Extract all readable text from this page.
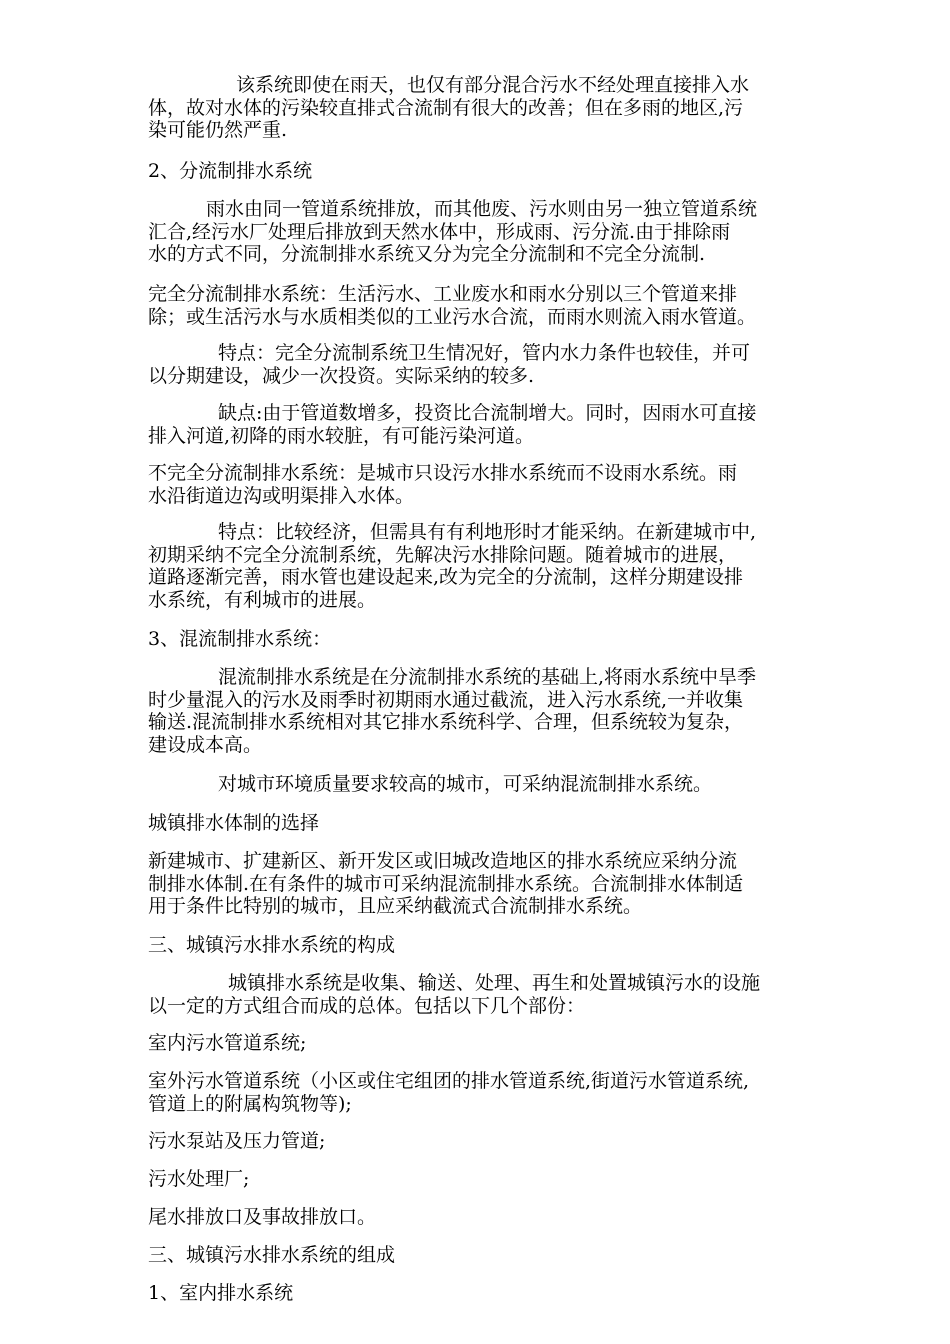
该系统即使在雨天，也仅有部分混合污水不经处理直接排入水
体，故对水体的污染较直排式合流制有很大的改善；但在多雨的地区,污
染可能仍然严重.

2、分流制排水系统

雨水由同一管道系统排放，而其他废、污水则由另一独立管道系统
汇合,经污水厂处理后排放到天然水体中，形成雨、污分流.由于排除雨
水的方式不同，分流制排水系统又分为完全分流制和不完全分流制.

完全分流制排水系统：生活污水、工业废水和雨水分别以三个管道来排
除；或生活污水与水质相类似的工业污水合流，而雨水则流入雨水管道。

特点：完全分流制系统卫生情况好，管内水力条件也较佳，并可
以分期建设，减少一次投资。实际采纳的较多.

缺点:由于管道数增多，投资比合流制增大。同时，因雨水可直接
排入河道,初降的雨水较脏，有可能污染河道。

不完全分流制排水系统：是城市只设污水排水系统而不设雨水系统。雨
水沿街道边沟或明渠排入水体。

特点：比较经济，但需具有有利地形时才能采纳。在新建城市中,
初期采纳不完全分流制系统，先解决污水排除问题。随着城市的进展，
道路逐渐完善，雨水管也建设起来,改为完全的分流制，这样分期建设排
水系统，有利城市的进展。

3、混流制排水系统：

混流制排水系统是在分流制排水系统的基础上,将雨水系统中旱季
时少量混入的污水及雨季时初期雨水通过截流，进入污水系统,一并收集
输送.混流制排水系统相对其它排水系统科学、合理，但系统较为复杂，
建设成本高。

对城市环境质量要求较高的城市，可采纳混流制排水系统。

城镇排水体制的选择

新建城市、扩建新区、新开发区或旧城改造地区的排水系统应采纳分流
制排水体制.在有条件的城市可采纳混流制排水系统。合流制排水体制适
用于条件比特别的城市，且应采纳截流式合流制排水系统。

三、城镇污水排水系统的构成

城镇排水系统是收集、输送、处理、再生和处置城镇污水的设施
以一定的方式组合而成的总体。包括以下几个部份：

室内污水管道系统;

室外污水管道系统（小区或住宅组团的排水管道系统,街道污水管道系统,
管道上的附属构筑物等);

污水泵站及压力管道;

污水处理厂;

尾水排放口及事故排放口。

三、城镇污水排水系统的组成

1、室内排水系统
